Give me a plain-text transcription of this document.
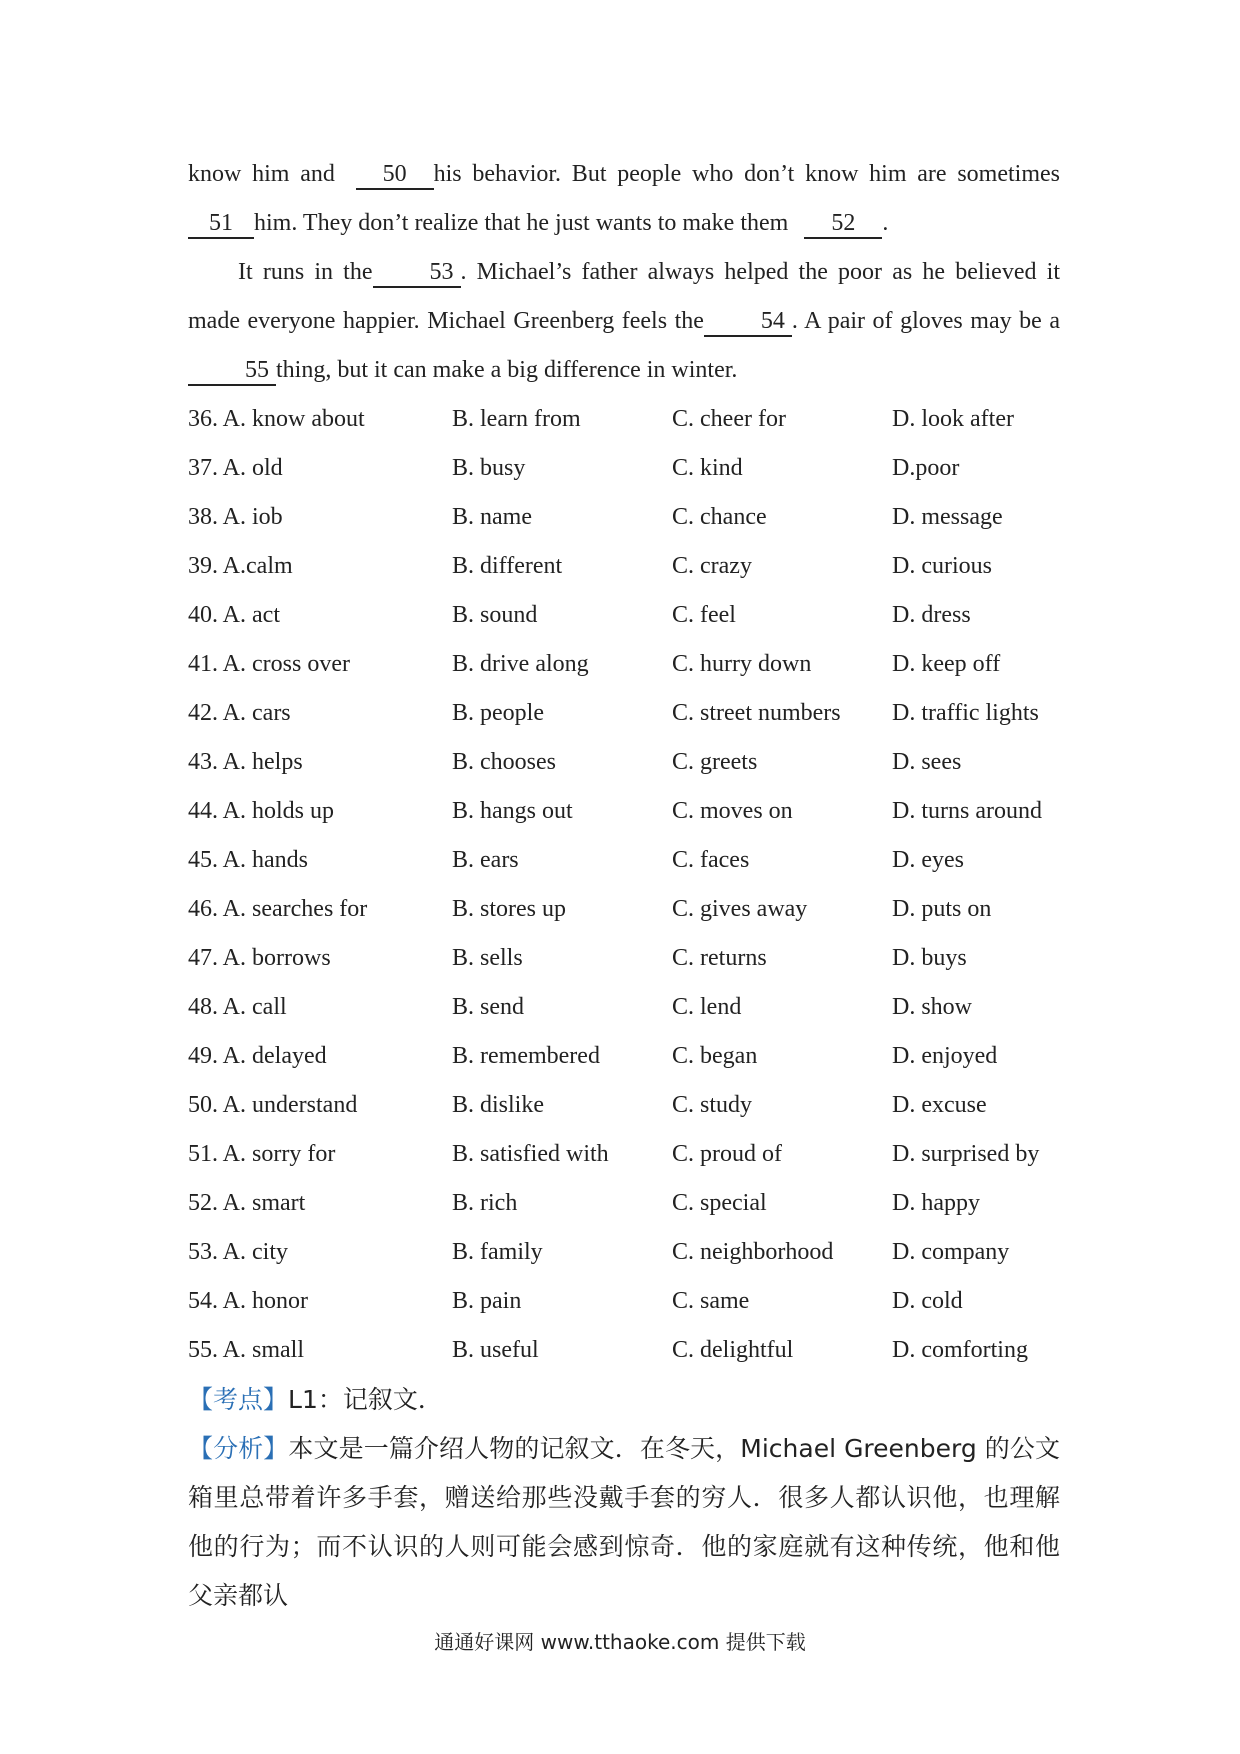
know him and 50 his behavior. But people who don’t know him are sometimes 51 him. They don’t realize that he just wants to make them 52 .

It runs in the 53 . Michael’s father always helped the poor as he believed it made everyone happier. Michael Greenberg feels the 54 . A pair of gloves may be a55 thing, but it can make a big difference in winter.

36. A. know about	B. learn from	C. cheer for	D. look after
37. A. old	B. busy	C. kind	D.poor
38. A. iob	B. name	C. chance	D. message
39. A.calm	B. different	C. crazy	D. curious
40. A. act	B. sound	C. feel	D. dress
41. A. cross over	B. drive along	C. hurry down	D. keep off
42. A. cars	B. people	C. street numbers	D. traffic lights
43. A. helps	B. chooses	C. greets	D. sees
44. A. holds up	B. hangs out	C. moves on	D. turns around
45. A. hands	B. ears	C. faces	D. eyes
46. A. searches for	B. stores up	C. gives away	D. puts on
47. A. borrows	B. sells	C. returns	D. buys
48. A. call	B. send	C. lend	D. show
49. A. delayed	B. remembered	C. began	D. enjoyed
50. A. understand	B. dislike	C. study	D. excuse
51. A. sorry for	B. satisfied with	C. proud of	D. surprised by
52. A. smart	B. rich	C. special	D. happy
53. A. city	B. family	C. neighborhood	D. company
54. A. honor	B. pain	C. same	D. cold
55. A. small	B. useful	C. delightful	D. comforting

【考点】L1：记叙文．

【分析】本文是一篇介绍人物的记叙文．在冬天，Michael Greenberg 的公文箱里总带着许多手套，赠送给那些没戴手套的穷人．很多人都认识他，也理解他的行为；而不认识的人则可能会感到惊奇．他的家庭就有这种传统，他和他父亲都认

通通好课网 www.tthaoke.com 提供下载
